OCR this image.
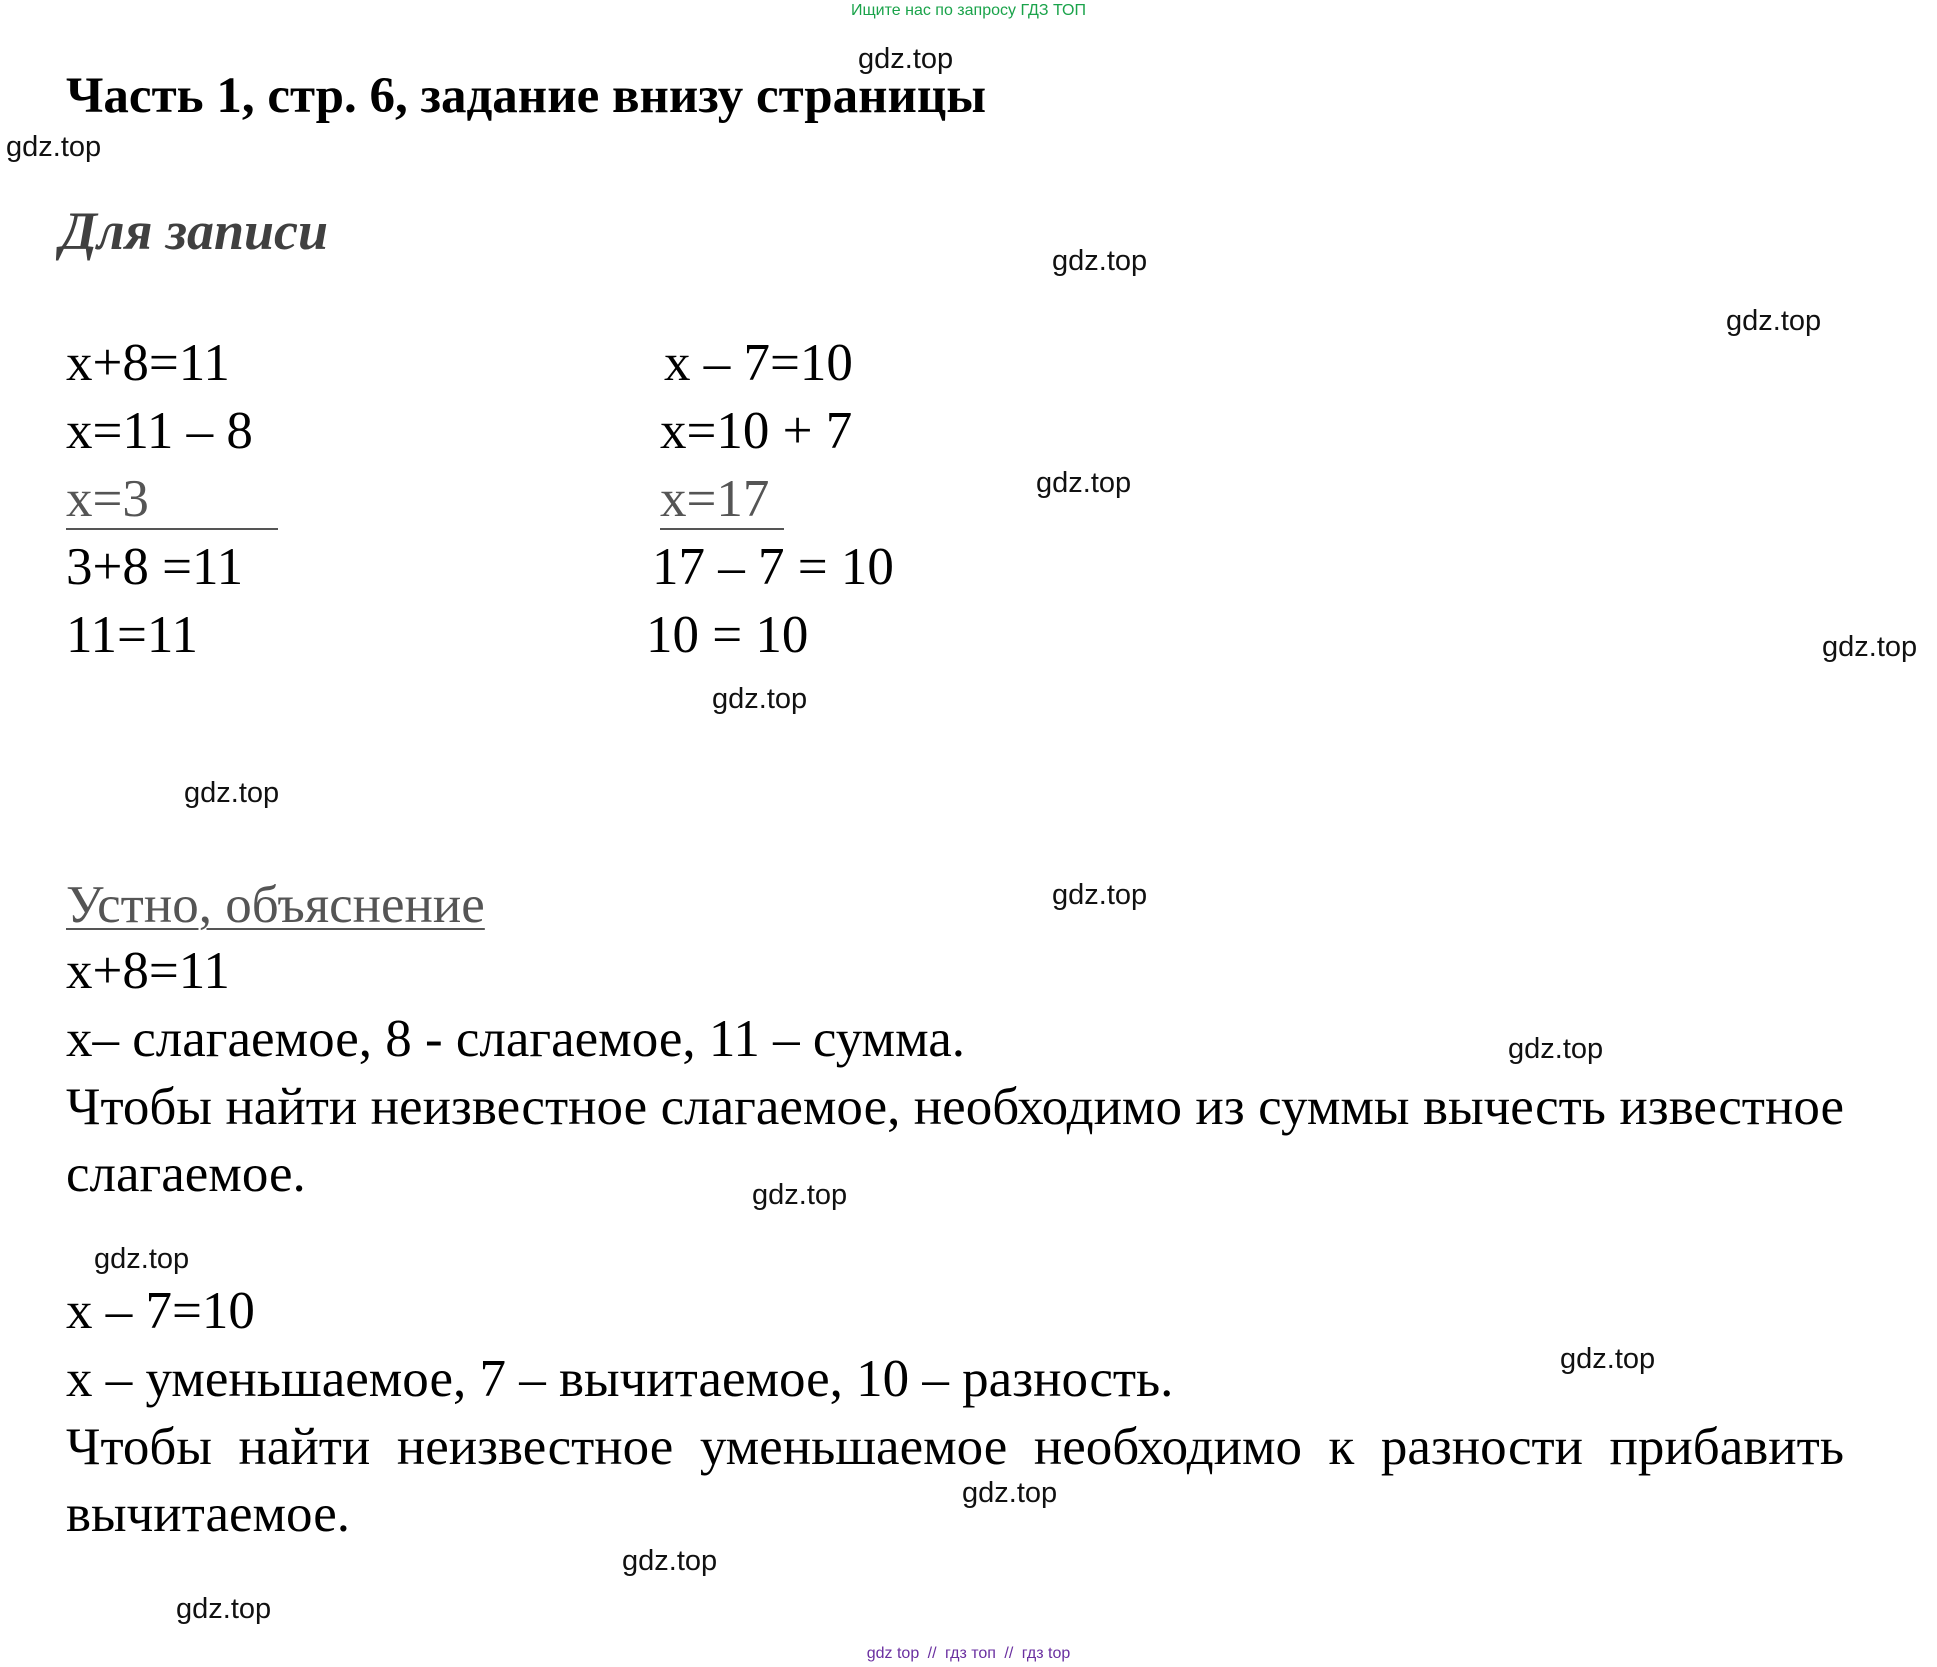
Ищите нас по запросу ГДЗ ТОП
Часть 1, стр. 6, задание внизу страницы
Для записи
x+8=11
x=11 – 8
x=3
3+8 =11
11=11
x – 7=10
x=10 + 7
x=17
17 – 7 = 10
10 = 10
Устно, объяснение
x+8=11
x– слагаемое, 8 - слагаемое, 11 – сумма.
Чтобы найти неизвестное слагаемое, необходимо из суммы вычесть известное слагаемое.
x – 7=10
x – уменьшаемое, 7 – вычитаемое, 10 – разность.
Чтобы найти неизвестное уменьшаемое необходимо к разности прибавить вычитаемое.
gdz.top
gdz.top
gdz.top
gdz.top
gdz.top
gdz.top
gdz.top
gdz.top
gdz.top
gdz.top
gdz.top
gdz.top
gdz.top
gdz.top
gdz.top
gdz.top
gdz top // гдз топ // гдз top
